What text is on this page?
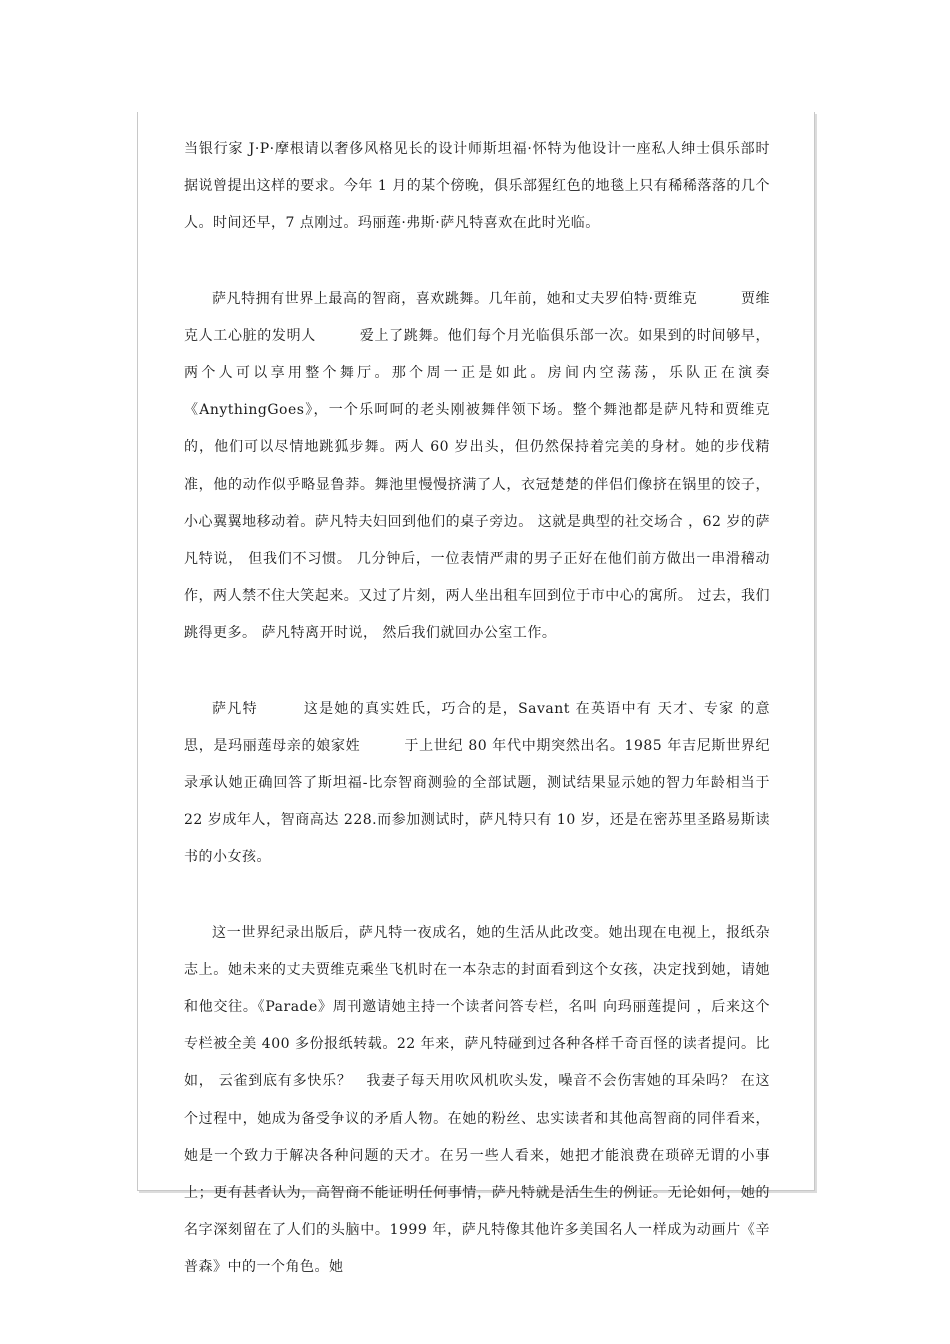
当银行家 J·P·摩根请以奢侈风格见长的设计师斯坦福·怀特为他设计一座私人绅士俱乐部时据说曾提出这样的要求。今年 1 月的某个傍晚，俱乐部猩红色的地毯上只有稀稀落落的几个人。时间还早，7 点刚过。玛丽莲·弗斯·萨凡特喜欢在此时光临。

萨凡特拥有世界上最高的智商，喜欢跳舞。几年前，她和丈夫罗伯特·贾维克　　　贾维克人工心脏的发明人　　　爱上了跳舞。他们每个月光临俱乐部一次。如果到的时间够早，两个人可以享用整个舞厅。那个周一正是如此。房间内空荡荡，乐队正在演奏《AnythingGoes》，一个乐呵呵的老头刚被舞伴领下场。整个舞池都是萨凡特和贾维克的，他们可以尽情地跳狐步舞。两人 60 岁出头，但仍然保持着完美的身材。她的步伐精准，他的动作似乎略显鲁莽。舞池里慢慢挤满了人，衣冠楚楚的伴侣们像挤在锅里的饺子，小心翼翼地移动着。萨凡特夫妇回到他们的桌子旁边。 这就是典型的社交场合 ，62 岁的萨凡特说， 但我们不习惯。 几分钟后，一位表情严肃的男子正好在他们前方做出一串滑稽动作，两人禁不住大笑起来。又过了片刻，两人坐出租车回到位于市中心的寓所。 过去，我们跳得更多。 萨凡特离开时说， 然后我们就回办公室工作。

萨凡特　　　这是她的真实姓氏，巧合的是，Savant 在英语中有 天才、专家 的意思，是玛丽莲母亲的娘家姓　　　于上世纪 80 年代中期突然出名。1985 年吉尼斯世界纪录承认她正确回答了斯坦福-比奈智商测验的全部试题，测试结果显示她的智力年龄相当于 22 岁成年人，智商高达 228.而参加测试时，萨凡特只有 10 岁，还是在密苏里圣路易斯读书的小女孩。

这一世界纪录出版后，萨凡特一夜成名，她的生活从此改变。她出现在电视上，报纸杂志上。她未来的丈夫贾维克乘坐飞机时在一本杂志的封面看到这个女孩，决定找到她，请她和他交往。《Parade》周刊邀请她主持一个读者问答专栏，名叫 向玛丽莲提问 ，后来这个专栏被全美 400 多份报纸转载。22 年来，萨凡特碰到过各种各样千奇百怪的读者提问。比如， 云雀到底有多快乐？　我妻子每天用吹风机吹头发，噪音不会伤害她的耳朵吗？ 在这个过程中，她成为备受争议的矛盾人物。在她的粉丝、忠实读者和其他高智商的同伴看来，她是一个致力于解决各种问题的天才。在另一些人看来，她把才能浪费在琐碎无谓的小事上；更有甚者认为，高智商不能证明任何事情，萨凡特就是活生生的例证。无论如何，她的名字深刻留在了人们的头脑中。1999 年，萨凡特像其他许多美国名人一样成为动画片《辛普森》中的一个角色。她
